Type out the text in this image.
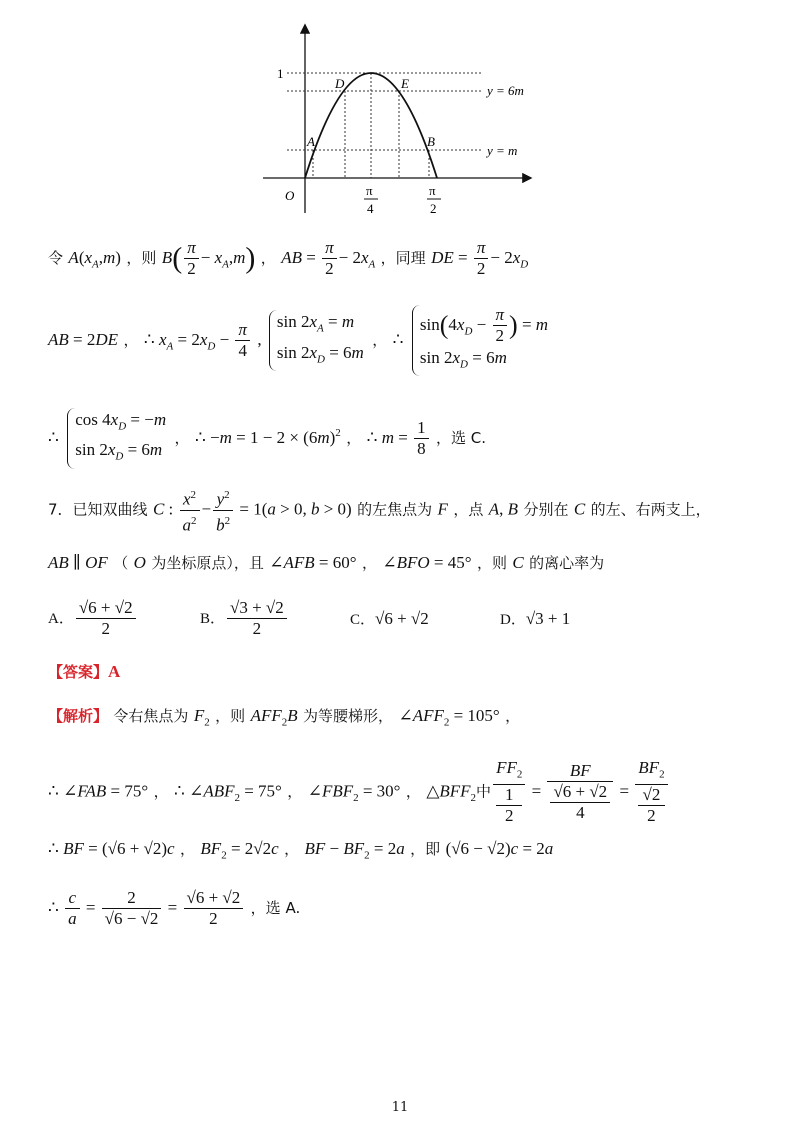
1
O
A	B
D	E	y = 6m
y = m
π
4
π
2
令 $A(x_A,m)$ ，则 $B( \frac{\pi}{2} - x_A,m)$ ， AB = $\frac{\pi}{2} - 2x_A$ ，同理 DE = $\frac{\pi}{2} - 2x_D$
AB = 2DE ， ∴ $x_A = 2x_D - \frac{\pi}{4}$ , $\sin 2x_A = m$
$\sin 2x_D = 6m$ ， ∴ $\sin(4x_D - \frac{\pi}{2}$ ) = m
$\sin 2x_D = 6m$
∴ $\cos 4x_D = -m$
$\sin 2x_D = 6m$ ， ∴ $-m = 1 - 2 \times (6m)^2$ ， ∴ $m = \frac{1}{8}$ ，选 C.
7．已知双曲线 C : $\frac{x^2}{a^2} - \frac{y^2}{b^2} = 1(a > 0$, b > 0) 的左焦点为 F ，点 A, B 分别在 C 的左、右两支上，
AB ∥ OF （ O 为坐标原点），且 ∠AFB = 60° ， ∠BFO = 45° ，则 C 的离心率为
A． $\frac{√6 + √2}{2}$	B． $\frac{√3 + √2}{2}$	C．√6 + √2	D．√3 + 1
【答案】A
【解析】 令右焦点为 $F_2$ ，则 $AFF_2B$ 为等腰梯形， $\angle AFF_2 = 105^\circ$ ，
∴ ∠FAB = 75° ， ∴ $\angle ABF_2 = 75^\circ$ ， $\angle FBF_2 = 30^\circ$ ， $\triangle BFF_2$中 $FF_2$
1
2 = BF
√6 + √2
$4 = BF_2$
√2
2
∴ BF = (√6 + √2)c ， $BF_2 = 2√2c$ ， BF − $BF_2 = 2a$ ，即 (√6 − √2)c = 2a
∴ $\frac{c}{a} = \frac{2}{√6 - √2} = \frac{√6 + √2}{2}$ ，选 A.
11
